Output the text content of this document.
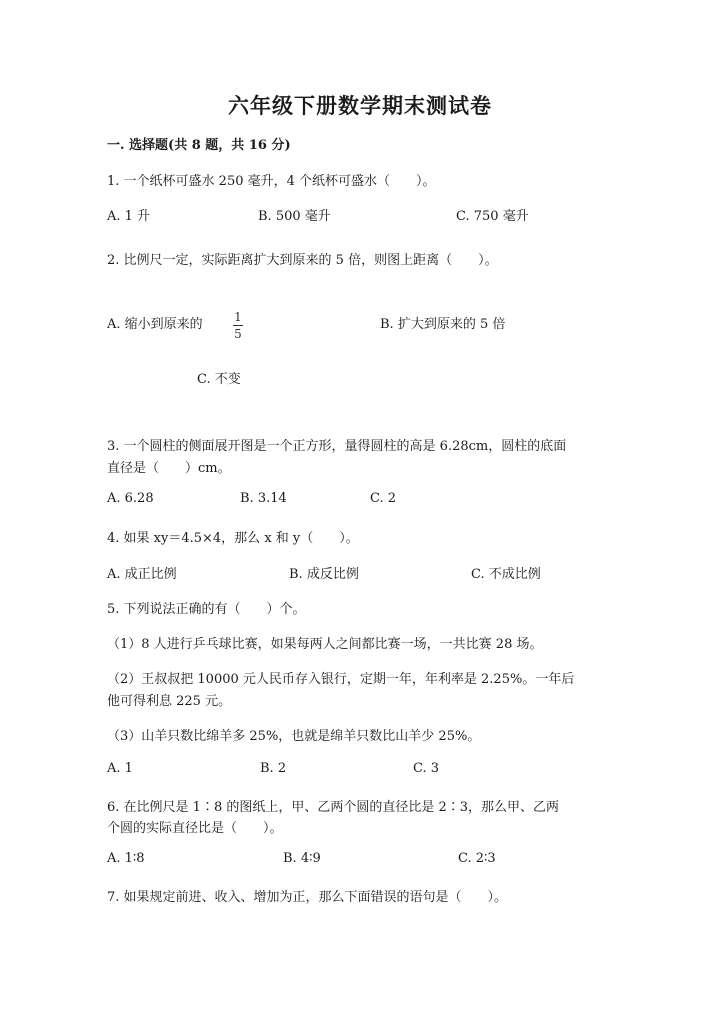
六年级下册数学期末测试卷
一. 选择题(共 8 题，共 16 分)
1. 一个纸杯可盛水 250 毫升，4 个纸杯可盛水（　　）。
A. 1 升	B. 500 毫升	C. 750 毫升
2. 比例尺一定，实际距离扩大到原来的 5 倍，则图上距离（　　）。
A. 缩小到原来的	1
5
B. 扩大到原来的 5 倍
C. 不变
3. 一个圆柱的侧面展开图是一个正方形，量得圆柱的高是 6.28cm，圆柱的底面
直径是（　　）cm。
A. 6.28	B. 3.14	C. 2
4. 如果 xy＝4.5×4，那么 x 和 y（　　）。
A. 成正比例	B. 成反比例	C. 不成比例
5. 下列说法正确的有（　　）个。
（1）8 人进行乒乓球比赛，如果每两人之间都比赛一场，一共比赛 28 场。
（2）王叔叔把 10000 元人民币存入银行，定期一年，年利率是 2.25%。一年后
他可得利息 225 元。
（3）山羊只数比绵羊多 25%，也就是绵羊只数比山羊少 25%。
A. 1	B. 2	C. 3
6. 在比例尺是 1∶8 的图纸上，甲、乙两个圆的直径比是 2∶3，那么甲、乙两
个圆的实际直径比是（　　）。
A. 1∶8	B. 4∶9	C. 2∶3
7. 如果规定前进、收入、增加为正，那么下面错误的语句是（　　）。
